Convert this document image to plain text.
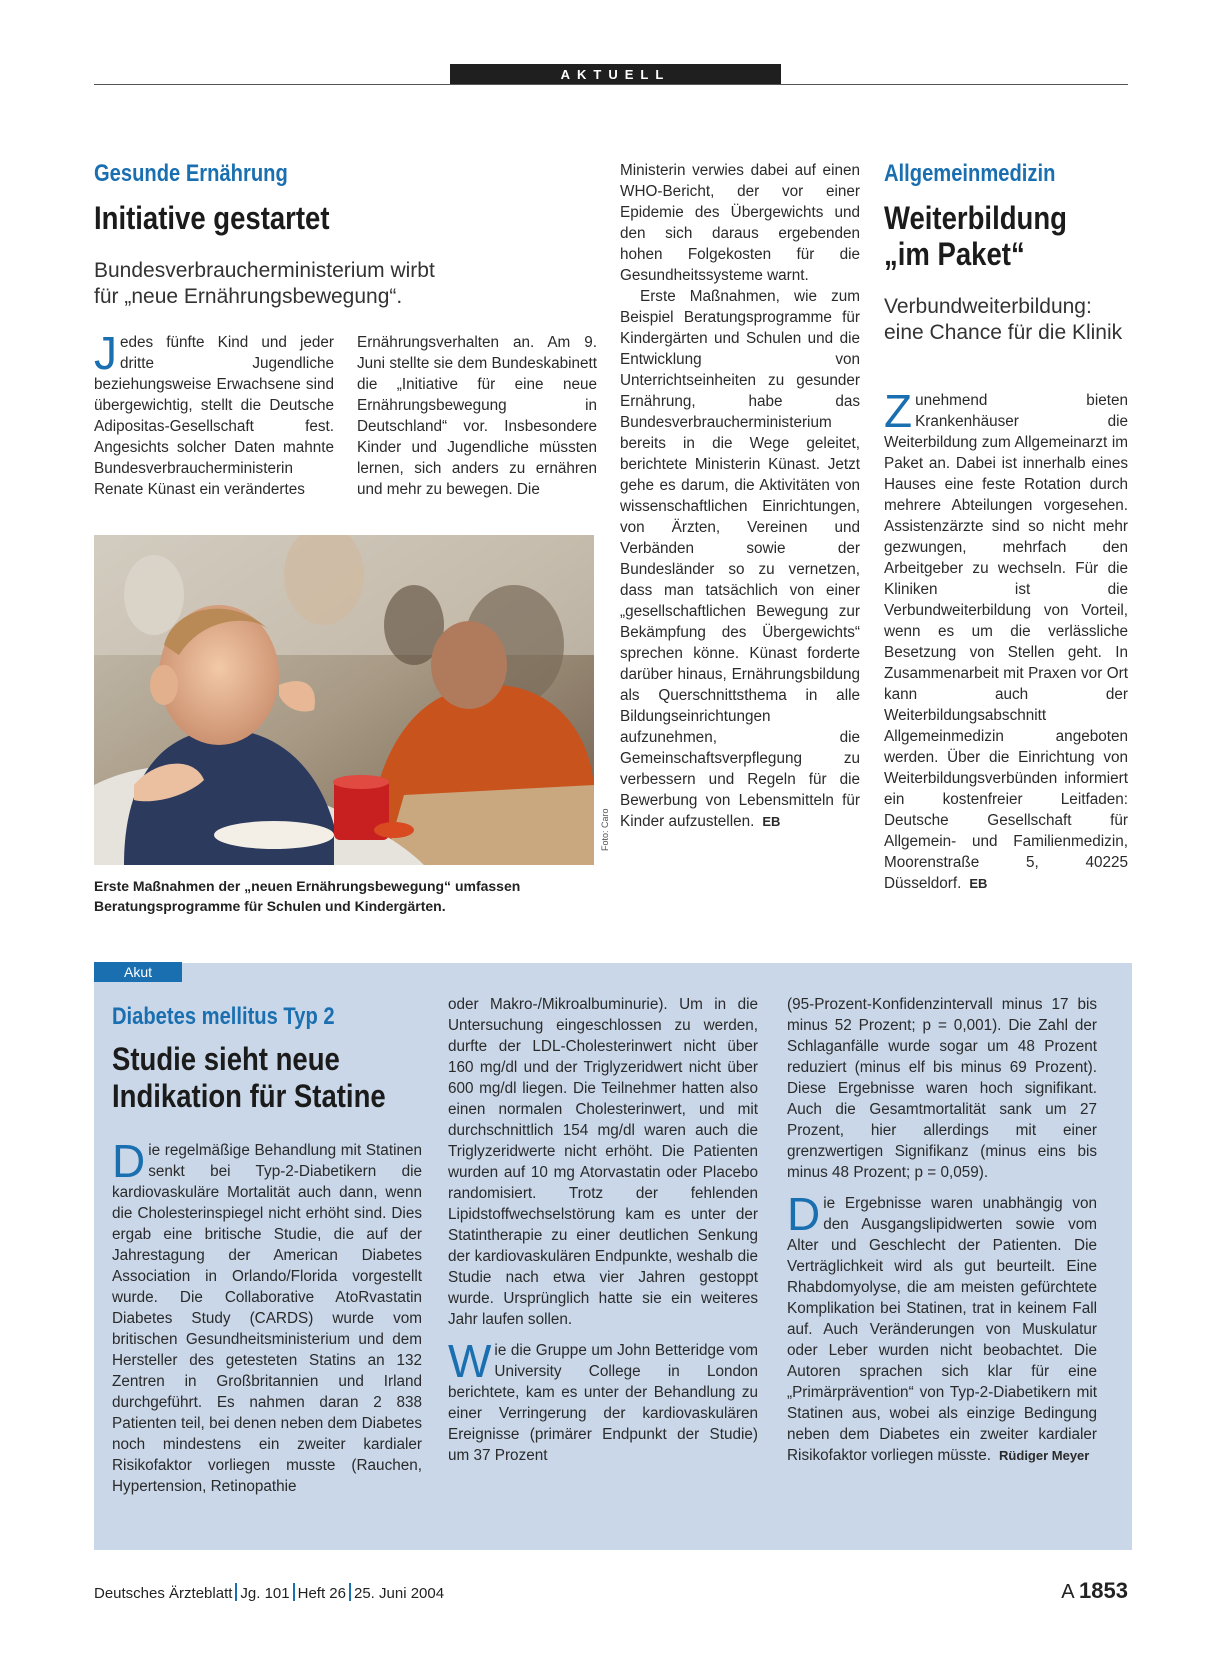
AKTUELL
Gesunde Ernährung
Initiative gestartet
Bundesverbraucherministerium wirbt für „neue Ernährungsbewegung“.
Jedes fünfte Kind und jeder dritte Jugendliche beziehungsweise Erwachsene sind übergewichtig, stellt die Deutsche Adipositas-Gesellschaft fest. Angesichts solcher Daten mahnte Bundesverbraucherministerin Renate Künast ein verändertes

Ernährungsverhalten an. Am 9. Juni stellte sie dem Bundeskabinett die „Initiative für eine neue Ernährungsbewegung in Deutschland“ vor. Insbesondere Kinder und Jugendliche müssten lernen, sich anders zu ernähren und mehr zu bewegen. Die

Foto: Caro
Erste Maßnahmen der „neuen Ernährungsbewegung“ umfassen Beratungsprogramme für Schulen und Kindergärten.

Ministerin verwies dabei auf einen WHO-Bericht, der vor einer Epidemie des Übergewichts und den sich daraus ergebenden hohen Folgekosten für die Gesundheitssysteme warnt.

Erste Maßnahmen, wie zum Beispiel Beratungsprogramme für Kindergärten und Schulen und die Entwicklung von Unterrichtseinheiten zu gesunder Ernährung, habe das Bundesverbraucherministerium bereits in die Wege geleitet, berichtete Ministerin Künast. Jetzt gehe es darum, die Aktivitäten von wissenschaftlichen Einrichtungen, von Ärzten, Vereinen und Verbänden sowie der Bundesländer so zu vernetzen, dass man tatsächlich von einer „gesellschaftlichen Bewegung zur Bekämpfung des Übergewichts“ sprechen könne. Künast forderte darüber hinaus, Ernährungsbildung als Querschnittsthema in alle Bildungseinrichtungen aufzunehmen, die Gemeinschaftsverpflegung zu verbessern und Regeln für die Bewerbung von Lebensmitteln für Kinder aufzustellen. EB

Allgemeinmedizin
Weiterbildung
„im Paket“
Verbundweiterbildung: eine Chance für die Klinik
Zunehmend bieten Krankenhäuser die Weiterbildung zum Allgemeinarzt im Paket an. Dabei ist innerhalb eines Hauses eine feste Rotation durch mehrere Abteilungen vorgesehen. Assistenzärzte sind so nicht mehr gezwungen, mehrfach den Arbeitgeber zu wechseln. Für die Kliniken ist die Verbundweiterbildung von Vorteil, wenn es um die verlässliche Besetzung von Stellen geht. In Zusammenarbeit mit Praxen vor Ort kann auch der Weiterbildungsabschnitt Allgemeinmedizin angeboten werden. Über die Einrichtung von Weiterbildungsverbünden informiert ein kostenfreier Leitfaden: Deutsche Gesellschaft für Allgemein- und Familienmedizin, Moorenstraße 5, 40225 Düsseldorf. EB
Akut
Diabetes mellitus Typ 2
Studie sieht neue
Indikation für Statine
Die regelmäßige Behandlung mit Statinen senkt bei Typ-2-Diabetikern die kardiovaskuläre Mortalität auch dann, wenn die Cholesterinspiegel nicht erhöht sind. Dies ergab eine britische Studie, die auf der Jahrestagung der American Diabetes Association in Orlando/Florida vorgestellt wurde. Die Collaborative AtoRvastatin Diabetes Study (CARDS) wurde vom britischen Gesundheitsministerium und dem Hersteller des getesteten Statins an 132 Zentren in Großbritannien und Irland durchgeführt. Es nahmen daran 2 838 Patienten teil, bei denen neben dem Diabetes noch mindestens ein zweiter kardialer Risikofaktor vorliegen musste (Rauchen, Hypertension, Retinopathie

oder Makro-/Mikroalbuminurie). Um in die Untersuchung eingeschlossen zu werden, durfte der LDL-Cholesterinwert nicht über 160 mg/dl und der Triglyzeridwert nicht über 600 mg/dl liegen. Die Teilnehmer hatten also einen normalen Cholesterinwert, und mit durchschnittlich 154 mg/dl waren auch die Triglyzeridwerte nicht erhöht. Die Patienten wurden auf 10 mg Atorvastatin oder Placebo randomisiert. Trotz der fehlenden Lipidstoffwechselstörung kam es unter der Statintherapie zu einer deutlichen Senkung der kardiovaskulären Endpunkte, weshalb die Studie nach etwa vier Jahren gestoppt wurde. Ursprünglich hatte sie ein weiteres Jahr laufen sollen.

Wie die Gruppe um John Betteridge vom University College in London berichtete, kam es unter der Behandlung zu einer Verringerung der kardiovaskulären Ereignisse (primärer Endpunkt der Studie) um 37 Prozent

(95-Prozent-Konfidenzintervall minus 17 bis minus 52 Prozent; p = 0,001). Die Zahl der Schlaganfälle wurde sogar um 48 Prozent reduziert (minus elf bis minus 69 Prozent). Diese Ergebnisse waren hoch signifikant. Auch die Gesamtmortalität sank um 27 Prozent, hier allerdings mit einer grenzwertigen Signifikanz (minus eins bis minus 48 Prozent; p = 0,059).

Die Ergebnisse waren unabhängig von den Ausgangslipidwerten sowie vom Alter und Geschlecht der Patienten. Die Verträglichkeit wird als gut beurteilt. Eine Rhabdomyolyse, die am meisten gefürchtete Komplikation bei Statinen, trat in keinem Fall auf. Auch Veränderungen von Muskulatur oder Leber wurden nicht beobachtet. Die Autoren sprachen sich klar für eine „Primärprävention“ von Typ-2-Diabetikern mit Statinen aus, wobei als einzige Bedingung neben dem Diabetes ein zweiter kardialer Risikofaktor vorliegen müsste. Rüdiger Meyer

Deutsches Ärzteblatt Jg. 101 Heft 26 25. Juni 2004	A 1853
